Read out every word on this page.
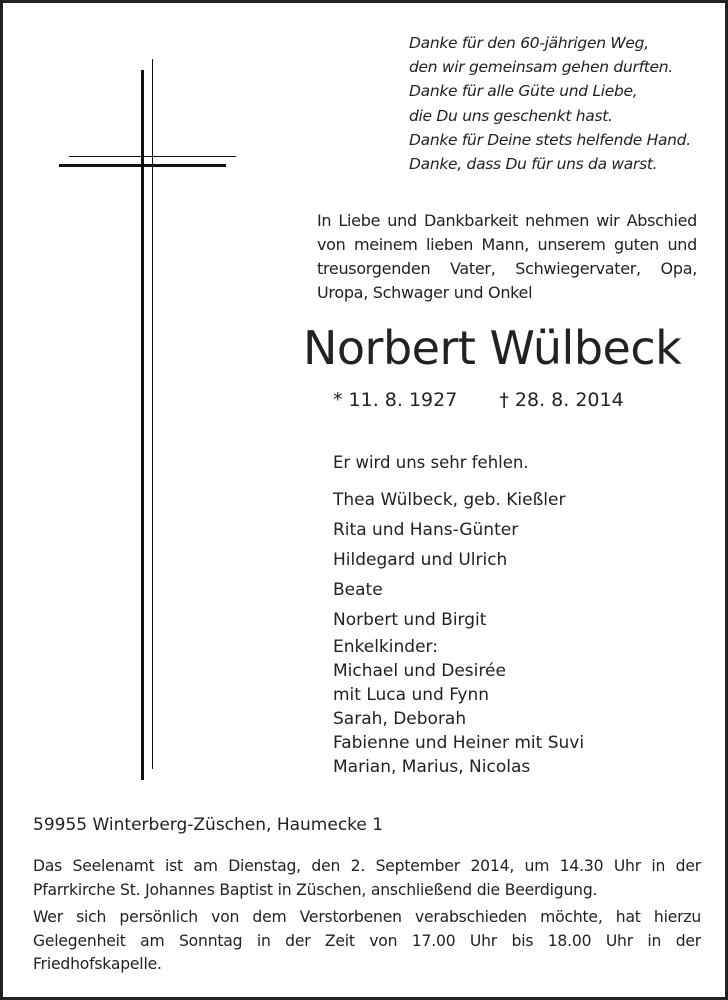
Danke für den 60-jährigen Weg,
den wir gemeinsam gehen durften.
Danke für alle Güte und Liebe,
die Du uns geschenkt hast.
Danke für Deine stets helfende Hand.
Danke, dass Du für uns da warst.
In Liebe und Dankbarkeit nehmen wir Abschied
von meinem lieben Mann, unserem guten und
treusorgenden Vater, Schwiegervater, Opa,
Uropa, Schwager und Onkel
Norbert Wülbeck
* 11. 8. 1927 † 28. 8. 2014
Er wird uns sehr fehlen.
Thea Wülbeck, geb. Kießler
Rita und Hans-Günter
Hildegard und Ulrich
Beate
Norbert und Birgit
Enkelkinder:
Michael und Desirée
mit Luca und Fynn
Sarah, Deborah
Fabienne und Heiner mit Suvi
Marian, Marius, Nicolas
59955 Winterberg-Züschen, Haumecke 1

Das Seelenamt ist am Dienstag, den 2. September 2014, um 14.30 Uhr in der Pfarrkirche St. Johannes Baptist in Züschen, anschließend die Beerdigung.

Wer sich persönlich von dem Verstorbenen verabschieden möchte, hat hierzu Gelegenheit am Sonntag in der Zeit von 17.00 Uhr bis 18.00 Uhr in der Friedhofskapelle.
